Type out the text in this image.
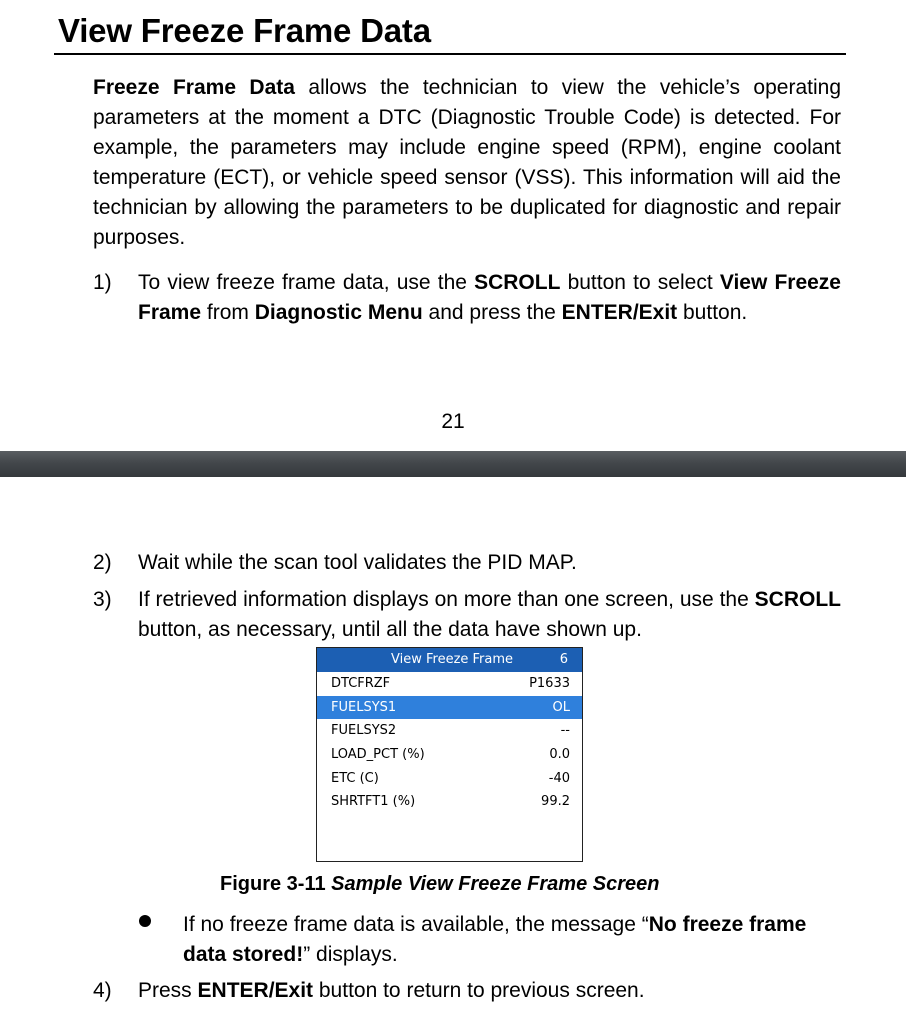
View Freeze Frame Data
Freeze Frame Data allows the technician to view the vehicle’s operating parameters at the moment a DTC (Diagnostic Trouble Code) is detected. For example, the parameters may include engine speed (RPM), engine coolant temperature (ECT), or vehicle speed sensor (VSS). This information will aid the technician by allowing the parameters to be duplicated for diagnostic and repair purposes.
1) To view freeze frame data, use the SCROLL button to select View Freeze Frame from Diagnostic Menu and press the ENTER/Exit button.
21
2) Wait while the scan tool validates the PID MAP.
3) If retrieved information displays on more than one screen, use the SCROLL button, as necessary, until all the data have shown up.
View Freeze Frame	6
DTCFRZF	P1633
FUELSYS1	OL
FUELSYS2	--
LOAD_PCT (%)	0.0
ETC (C)	-40
SHRTFT1 (%)	99.2
Figure 3-11 Sample View Freeze Frame Screen
If no freeze frame data is available, the message “No freeze frame data stored!” displays.
4) Press ENTER/Exit button to return to previous screen.
